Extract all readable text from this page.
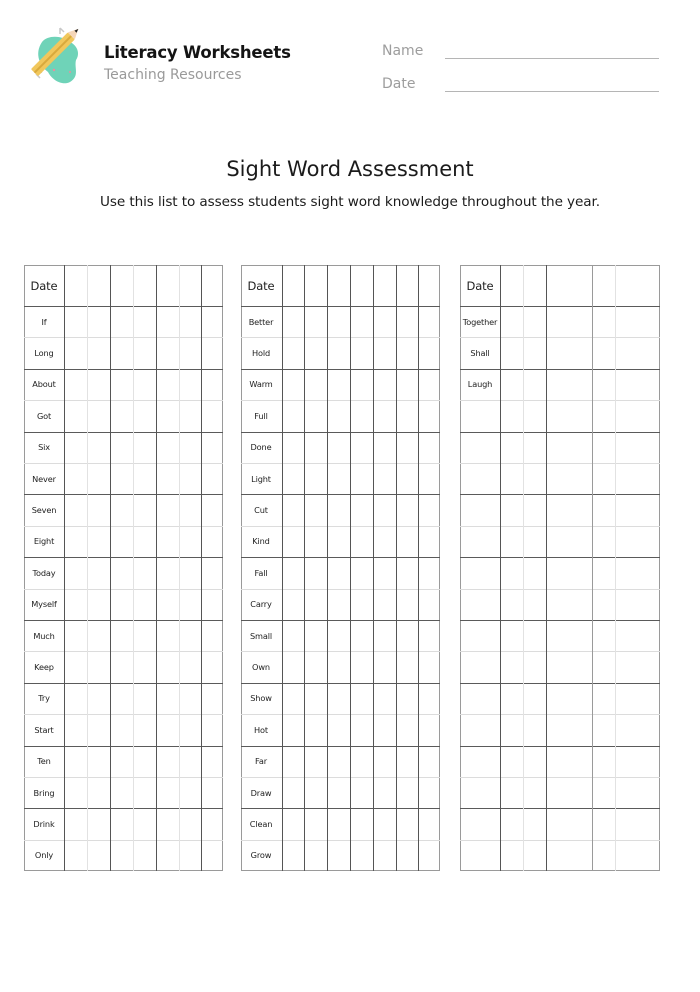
Literacy Worksheets
Teaching Resources
Name
Date
Sight Word Assessment
Use this list to assess students sight word knowledge throughout the year.
Date
If
Long
About
Got
Six
Never
Seven
Eight
Today
Myself
Much
Keep
Try
Start
Ten
Bring
Drink
Only
Date
Better
Hold
Warm
Full
Done
Light
Cut
Kind
Fall
Carry
Small
Own
Show
Hot
Far
Draw
Clean
Grow
Date
Together
Shall
Laugh
